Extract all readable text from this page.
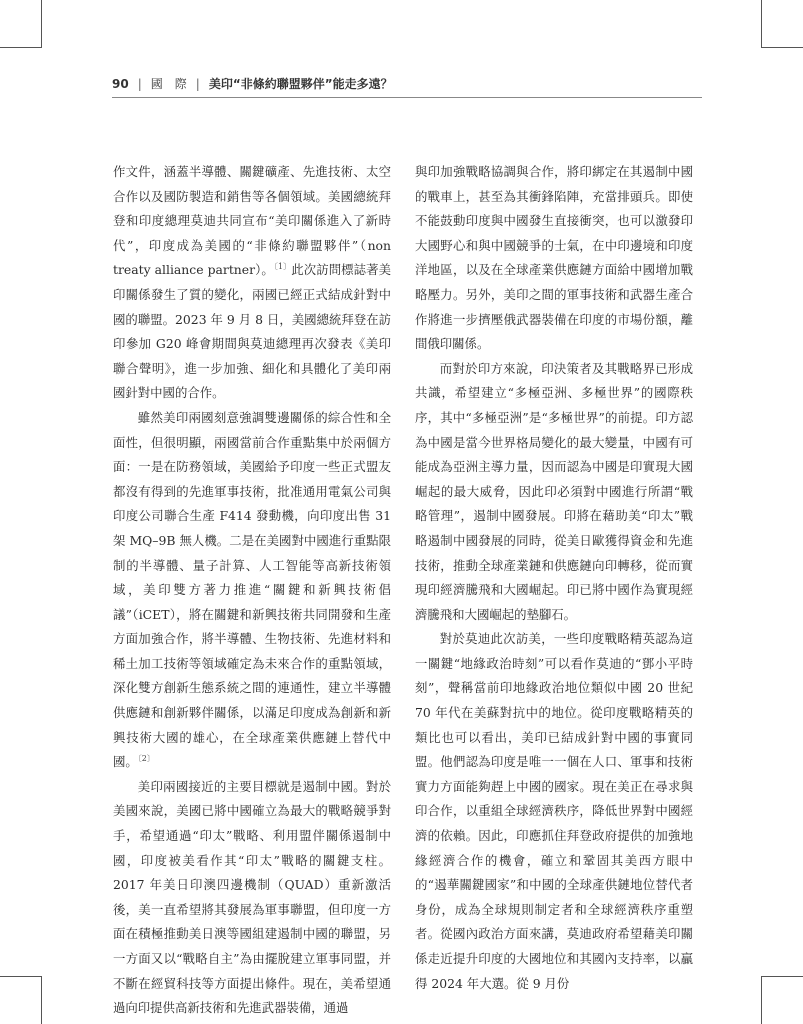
90 | 國　際 | 美印“非條約聯盟夥伴”能走多遠？

作文件，涵蓋半導體、關鍵礦產、先進技術、太空合作以及國防製造和銷售等各個領域。美國總統拜登和印度總理莫迪共同宣布“美印關係進入了新時代”，印度成為美國的“非條約聯盟夥伴”（non treaty alliance partner）。$^{〔1〕}$此次訪問標誌著美印關係發生了質的變化，兩國已經正式結成針對中國的聯盟。2023 年 9 月 8 日，美國總統拜登在訪印參加 G20 峰會期間與莫迪總理再次發表《美印聯合聲明》，進一步加強、細化和具體化了美印兩國針對中國的合作。

雖然美印兩國刻意強調雙邊關係的綜合性和全面性，但很明顯，兩國當前合作重點集中於兩個方面：一是在防務領域，美國給予印度一些正式盟友都沒有得到的先進軍事技術，批准通用電氣公司與印度公司聯合生產 F414 發動機，向印度出售 31 架 MQ–9B 無人機。二是在美國對中國進行重點限制的半導體、量子計算、人工智能等高新技術領域，美印雙方著力推進“關鍵和新興技術倡議”（iCET），將在關鍵和新興技術共同開發和生產方面加強合作，將半導體、生物技術、先進材料和稀土加工技術等領域確定為未來合作的重點領域，深化雙方創新生態系統之間的連通性，建立半導體供應鏈和創新夥伴關係，以滿足印度成為創新和新興技術大國的雄心，在全球產業供應鏈上替代中國。$^{〔2〕}$

美印兩國接近的主要目標就是遏制中國。對於美國來說，美國已將中國確立為最大的戰略競爭對手，希望通過“印太”戰略、利用盟伴關係遏制中國，印度被美看作其“印太”戰略的關鍵支柱。2017 年美日印澳四邊機制（QUAD）重新激活後，美一直希望將其發展為軍事聯盟，但印度一方面在積極推動美日澳等國組建遏制中國的聯盟，另一方面又以“戰略自主”為由擺脫建立軍事同盟，并不斷在經貿科技等方面提出條件。現在，美希望通過向印提供高新技術和先進武器裝備，通過

與印加強戰略協調與合作，將印綁定在其遏制中國的戰車上，甚至為其衝鋒陷陣，充當排頭兵。即使不能鼓動印度與中國發生直接衝突，也可以激發印大國野心和與中國競爭的士氣，在中印邊境和印度洋地區，以及在全球產業供應鏈方面給中國增加戰略壓力。另外，美印之間的軍事技術和武器生產合作將進一步擠壓俄武器裝備在印度的市場份額，離間俄印關係。

而對於印方來說，印決策者及其戰略界已形成共識，希望建立“多極亞洲、多極世界”的國際秩序，其中“多極亞洲”是“多極世界”的前提。印方認為中國是當今世界格局變化的最大變量，中國有可能成為亞洲主導力量，因而認為中國是印實現大國崛起的最大威脅，因此印必須對中國進行所謂“戰略管理”，遏制中國發展。印將在藉助美“印太”戰略遏制中國發展的同時，從美日歐獲得資金和先進技術，推動全球產業鏈和供應鏈向印轉移，從而實現印經濟騰飛和大國崛起。印已將中國作為實現經濟騰飛和大國崛起的墊腳石。

對於莫迪此次訪美，一些印度戰略精英認為這一關鍵“地緣政治時刻”可以看作莫迪的“鄧小平時刻”，聲稱當前印地緣政治地位類似中國 20 世紀 70 年代在美蘇對抗中的地位。從印度戰略精英的類比也可以看出，美印已結成針對中國的事實同盟。他們認為印度是唯一一個在人口、軍事和技術實力方面能夠趕上中國的國家。現在美正在尋求與印合作，以重組全球經濟秩序，降低世界對中國經濟的依賴。因此，印應抓住拜登政府提供的加強地緣經濟合作的機會，確立和鞏固其美西方眼中的“遏華關鍵國家”和中國的全球產供鏈地位替代者身份，成為全球規則制定者和全球經濟秩序重塑者。從國內政治方面來講，莫迪政府希望藉美印關係走近提升印度的大國地位和其國內支持率，以贏得 2024 年大選。從 9 月份
